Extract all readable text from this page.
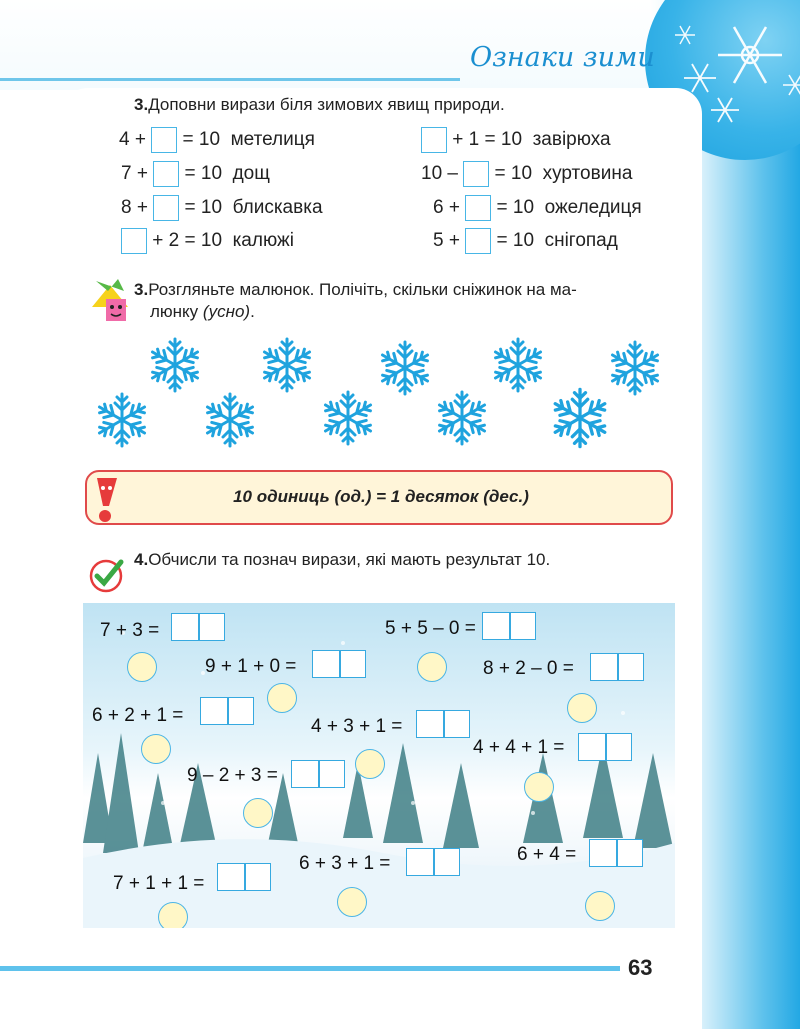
Ознаки зими
3.Доповни вирази біля зимових явищ природи.
4 + = 10 метелиця
7 + = 10 дощ
8 + = 10 блискавка
+ 2 = 10 калюжі
+ 1 = 10 завірюха
10 – = 10 хуртовина
6 + = 10 ожеледиця
5 + = 10 снігопад
3.Розгляньте малюнок. Полічіть, скільки сніжинок на ма-
люнку (усно).
10 одиниць (од.) = 1 десяток (дес.)
4.Обчисли та познач вирази, які мають результат 10.
7 + 3 =	5 + 5 – 0 =
9 + 1 + 0 =	8 + 2 – 0 =
6 + 2 + 1 =
4 + 3 + 1 =
4 + 4 + 1 =
9 – 2 + 3 =
6 + 3 + 1 =	6 + 4 =
7 + 1 + 1 =
63
